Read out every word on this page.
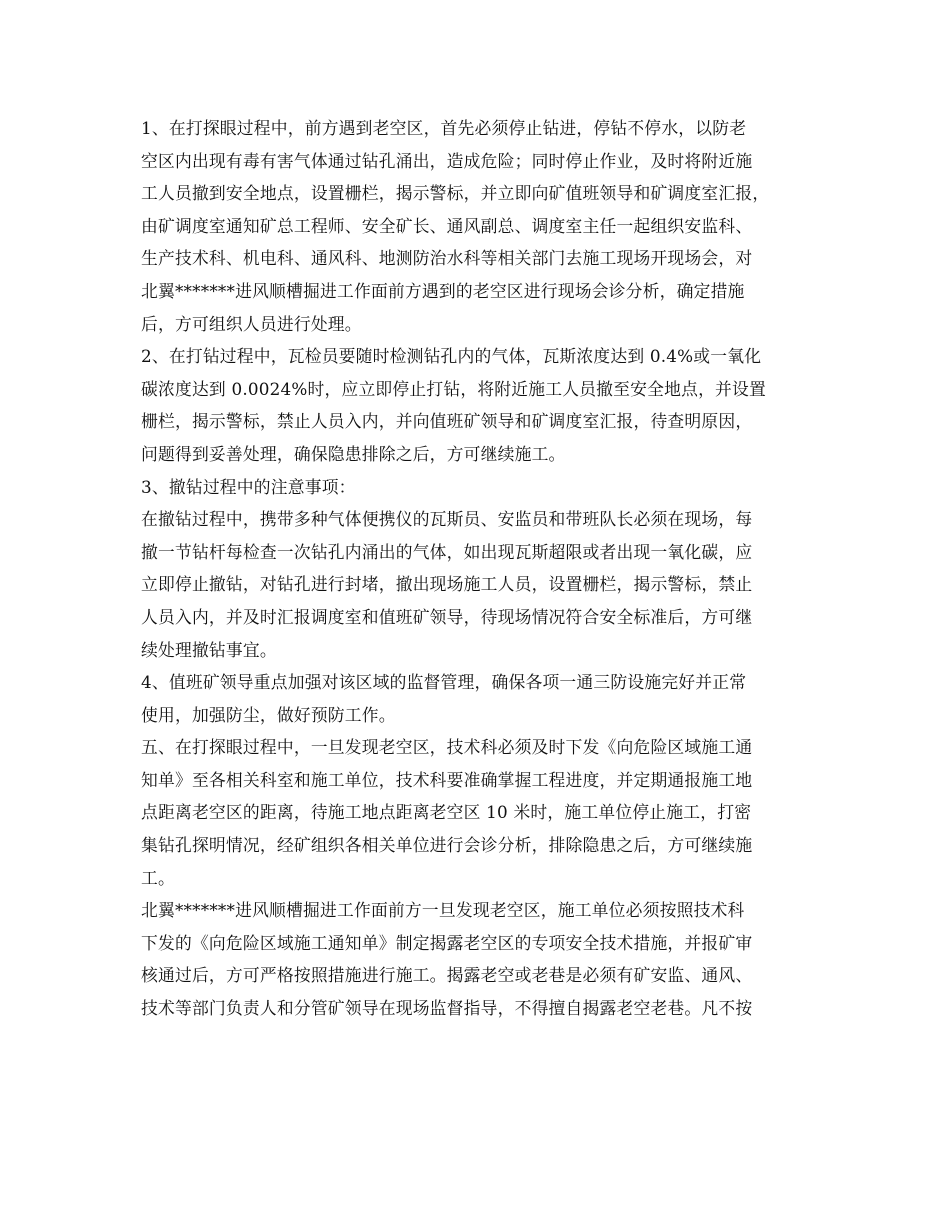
1、在打探眼过程中，前方遇到老空区，首先必须停止钻进，停钻不停水，以防老
空区内出现有毒有害气体通过钻孔涌出，造成危险；同时停止作业，及时将附近施
工人员撤到安全地点，设置栅栏，揭示警标，并立即向矿值班领导和矿调度室汇报，
由矿调度室通知矿总工程师、安全矿长、通风副总、调度室主任一起组织安监科、
生产技术科、机电科、通风科、地测防治水科等相关部门去施工现场开现场会，对
北翼*******进风顺槽掘进工作面前方遇到的老空区进行现场会诊分析，确定措施
后，方可组织人员进行处理。
2、在打钻过程中，瓦检员要随时检测钻孔内的气体，瓦斯浓度达到 0.4%或一氧化
碳浓度达到 0.0024%时，应立即停止打钻，将附近施工人员撤至安全地点，并设置
栅栏，揭示警标，禁止人员入内，并向值班矿领导和矿调度室汇报，待查明原因，
问题得到妥善处理，确保隐患排除之后，方可继续施工。
3、撤钻过程中的注意事项：
在撤钻过程中，携带多种气体便携仪的瓦斯员、安监员和带班队长必须在现场，每
撤一节钻杆每检查一次钻孔内涌出的气体，如出现瓦斯超限或者出现一氧化碳，应
立即停止撤钻，对钻孔进行封堵，撤出现场施工人员，设置栅栏，揭示警标，禁止
人员入内，并及时汇报调度室和值班矿领导，待现场情况符合安全标准后，方可继
续处理撤钻事宜。
4、值班矿领导重点加强对该区域的监督管理，确保各项一通三防设施完好并正常
使用，加强防尘，做好预防工作。
五、在打探眼过程中，一旦发现老空区，技术科必须及时下发《向危险区域施工通
知单》至各相关科室和施工单位，技术科要准确掌握工程进度，并定期通报施工地
点距离老空区的距离，待施工地点距离老空区 10 米时，施工单位停止施工，打密
集钻孔探明情况，经矿组织各相关单位进行会诊分析，排除隐患之后，方可继续施
工。
北翼*******进风顺槽掘进工作面前方一旦发现老空区，施工单位必须按照技术科
下发的《向危险区域施工通知单》制定揭露老空区的专项安全技术措施，并报矿审
核通过后，方可严格按照措施进行施工。揭露老空或老巷是必须有矿安监、通风、
技术等部门负责人和分管矿领导在现场监督指导，不得擅自揭露老空老巷。凡不按
